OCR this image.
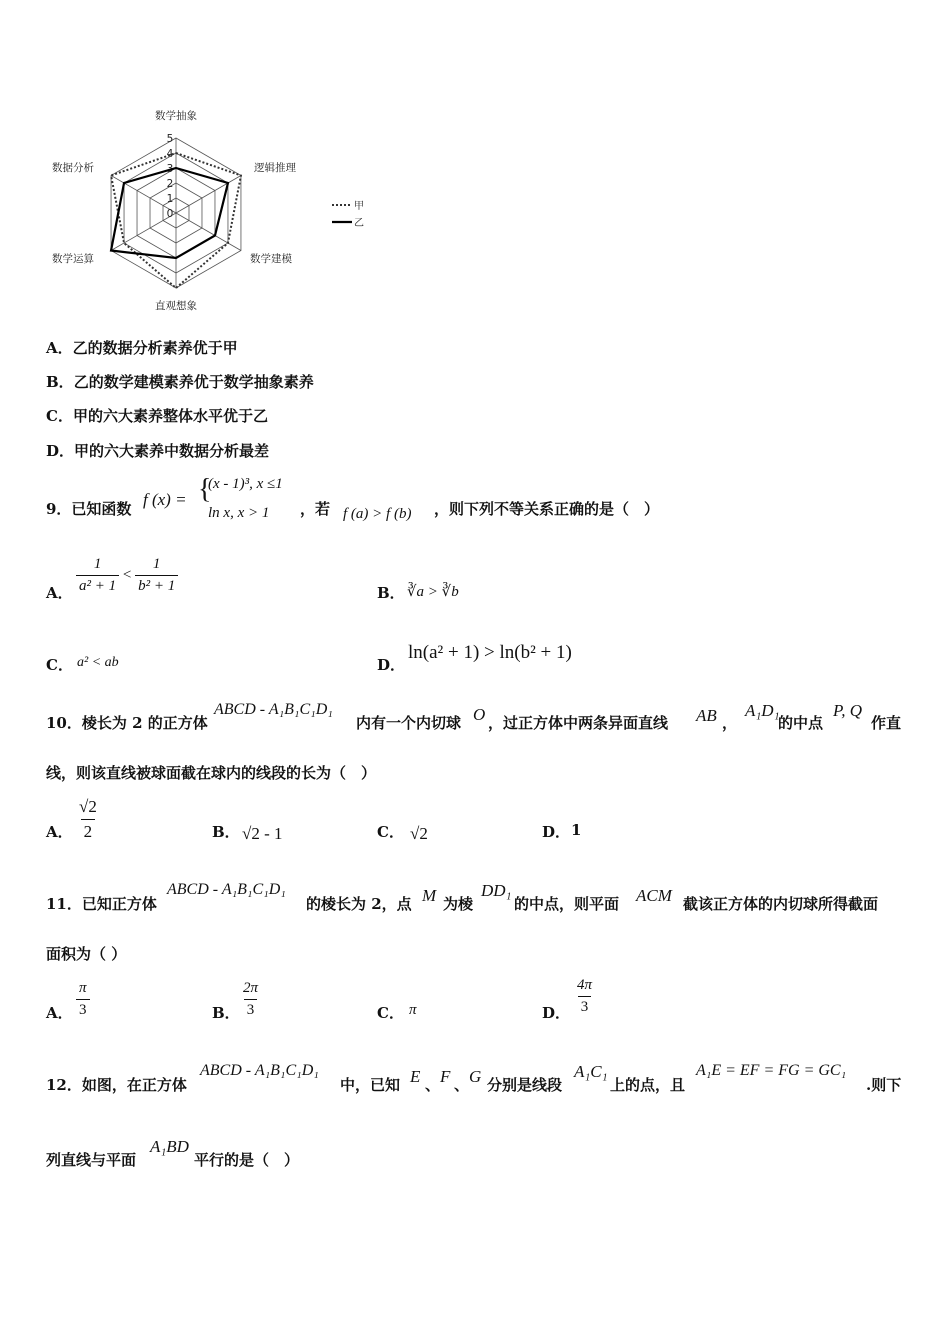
5
4
3
2
1
0
数学抽象
逻辑推理
数学建模
直观想象
数学运算
数据分析
甲
乙
A．乙的数据分析素养优于甲
B．乙的数学建模素养优于数学抽象素养
C．甲的六大素养整体水平优于乙
D．甲的六大素养中数据分析最差
9．已知函数 f (x) = {
(x - 1)³, x ≤1
ln x, x > 1 ，若 f (a) > f (b) ，则下列不等关系正确的是（　）
A． $\frac{1}{\text{a² + 1}} < \frac{1}{\text{b² + 1}}$	B． ∛a > ∛b
C． a² < ab	D．
ln(a² + 1) > ln(b² + 1)
10．棱长为 2 的正方体
ABCD - A₁B₁C₁D₁
内有一个内切球 O ，过正方体中两条异面直线 AB ，
A₁D₁
的中点
P, Q
作直
线，则该直线被球面截在球内的线段的长为（　）
A． $\frac{√2}{2}$	B． √2 - 1	C． √2	D． 1
11．已知正方体
ABCD - A₁B₁C₁D₁
的棱长为 2，点 M 为棱
DD₁
的中点，则平面 ACM 截该正方体的内切球所得截面
面积为（ ）
A． $\frac{\pi}{3}$	B． $\frac{2\pi}{3}$	C． π	D． $\frac{4\pi}{3}$
12．如图，在正方体
ABCD - A₁B₁C₁D₁
中，已知 E 、 F 、 G 分别是线段
A₁C₁
上的点，且
A₁E = EF = FG = GC₁
.则下
列直线与平面
A₁BD
平行的是（　）
